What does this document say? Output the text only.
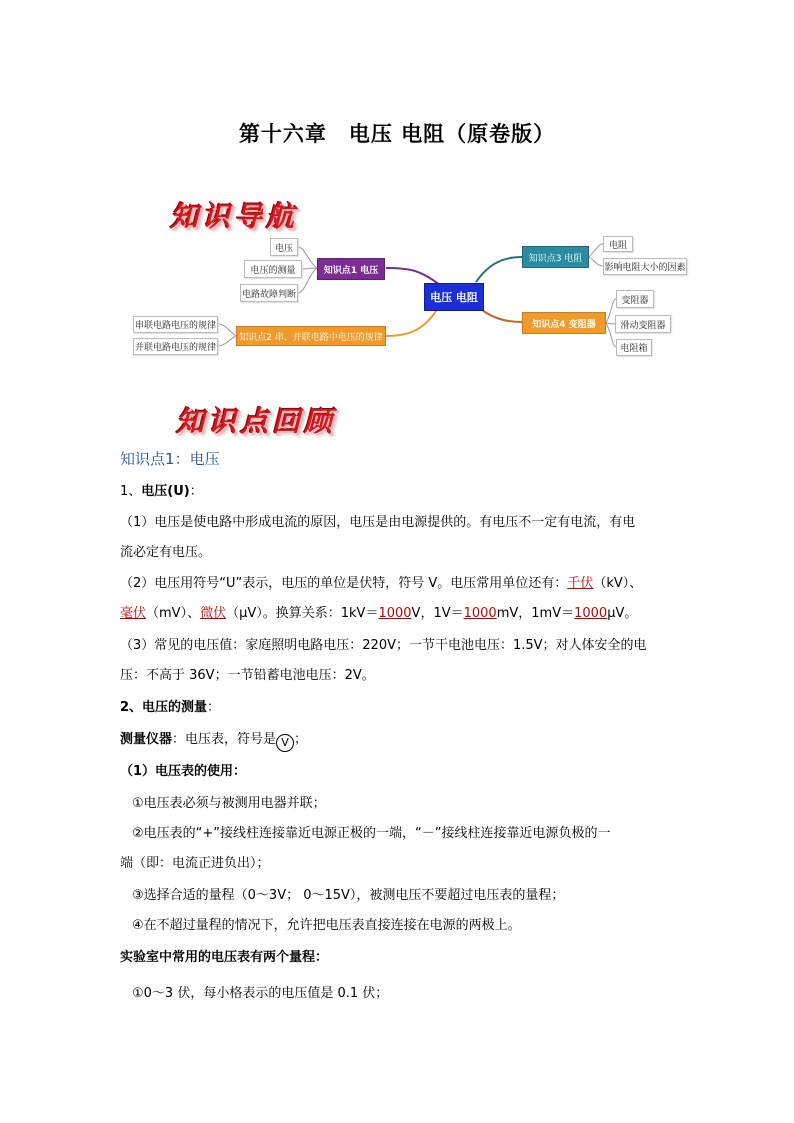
第十六章　电压 电阻（原卷版）
知识导航
电压 电阻
知识点1 电压
电压
电压的测量
电路故障判断
知识点2 串、并联电路中电压的规律
串联电路电压的规律
并联电路电压的规律
知识点3 电阻
电阻
影响电阻大小的因素
知识点4 变阻器
变阻器
滑动变阻器
电阻箱
知识点回顾
知识点1：电压
1、电压(U)：
（1）电压是使电路中形成电流的原因，电压是由电源提供的。有电压不一定有电流，有电
流必定有电压。
（2）电压用符号“U”表示，电压的单位是伏特，符号 V。电压常用单位还有：千伏（kV）、
毫伏（mV）、微伏（μV）。换算关系：1kV＝1000V，1V＝1000mV，1mV＝1000μV。
（3）常见的电压值：家庭照明电路电压：220V；一节干电池电压：1.5V；对人体安全的电
压：不高于 36V；一节铅蓄电池电压：2V。
2、电压的测量：
测量仪器：电压表，符号是 V ；
（1）电压表的使用：
①电压表必须与被测用电器并联；
②电压表的“+”接线柱连接靠近电源正极的一端，“－”接线柱连接靠近电源负极的一
端（即：电流正进负出）；
③选择合适的量程（0～3V； 0～15V），被测电压不要超过电压表的量程；
④在不超过量程的情况下，允许把电压表直接连接在电源的两极上。
实验室中常用的电压表有两个量程：
①0～3 伏，每小格表示的电压值是 0.1 伏；
